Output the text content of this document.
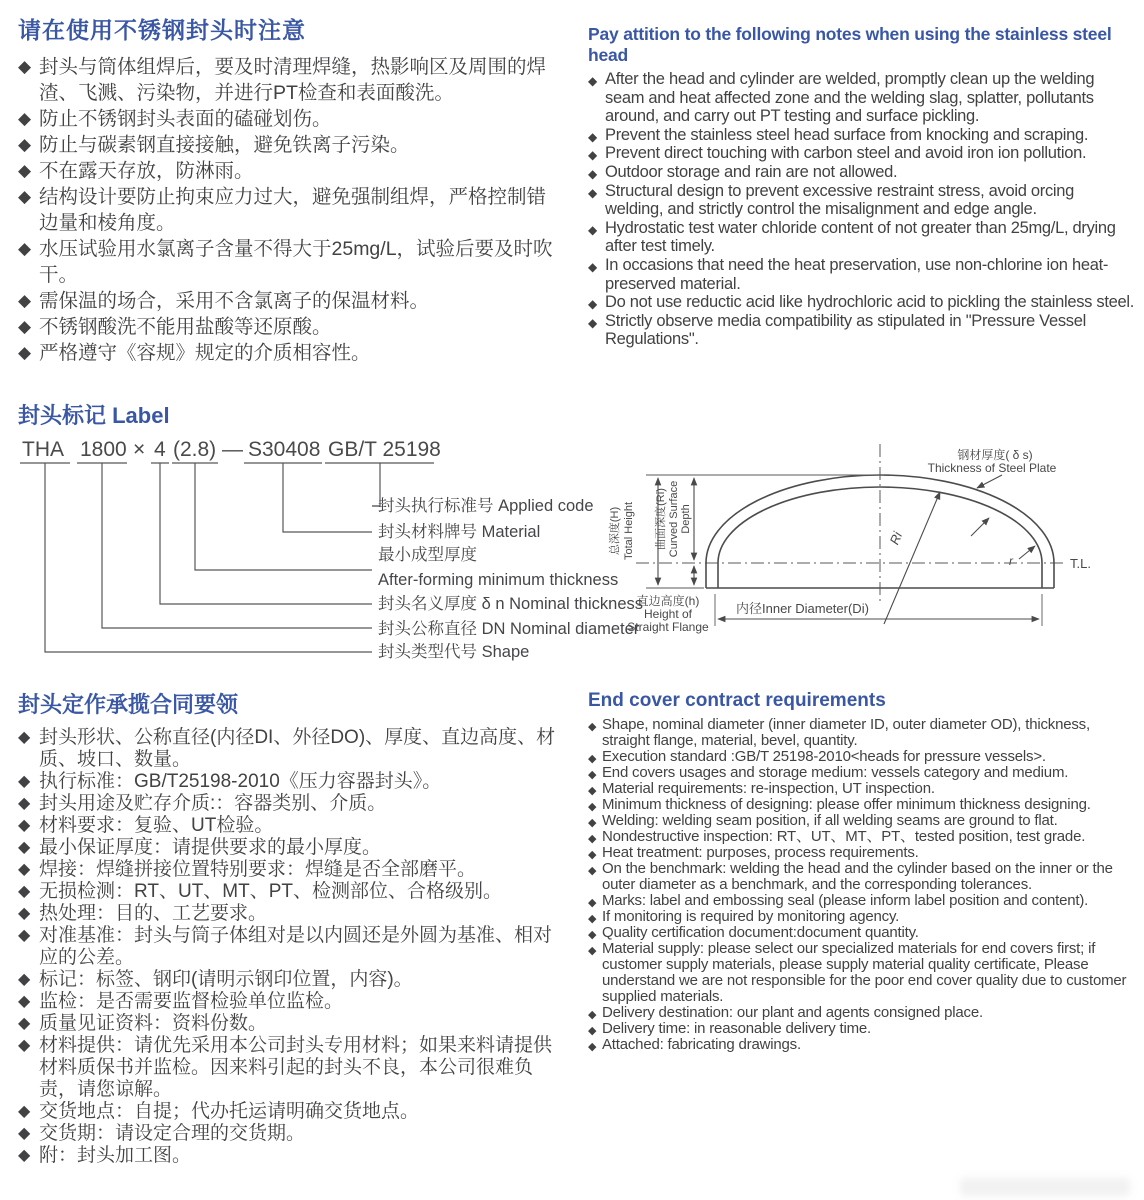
请在使用不锈钢封头时注意
◆ 封头与筒体组焊后，要及时清理焊缝，热影响区及周围的焊渣、飞溅、污染物，并进行PT检查和表面酸洗。
◆ 防止不锈钢封头表面的磕碰划伤。
◆ 防止与碳素钢直接接触，避免铁离子污染。
◆ 不在露天存放，防淋雨。
◆ 结构设计要防止拘束应力过大，避免强制组焊，严格控制错边量和棱角度。
◆ 水压试验用水氯离子含量不得大于25mg/L，试验后要及时吹干。
◆ 需保温的场合，采用不含氯离子的保温材料。
◆ 不锈钢酸洗不能用盐酸等还原酸。
◆ 严格遵守《容规》规定的介质相容性。
Pay attition to the following notes when using the stainless steel head
◆ After the head and cylinder are welded, promptly clean up the welding seam and heat affected zone and the welding slag, splatter, pollutants around, and carry out PT testing and surface pickling.
◆ Prevent the stainless steel head surface from knocking and scraping.
◆ Prevent direct touching with carbon steel and avoid iron ion pollution.
◆ Outdoor storage and rain are not allowed.
◆ Structural design to prevent excessive restraint stress, avoid orcing welding, and strictly control the misalignment and edge angle.
◆ Hydrostatic test water chloride content of not greater than 25mg/L, drying after test timely.
◆ In occasions that need the heat preservation, use non-chlorine ion heat-preserved material.
◆ Do not use reductic acid like hydrochloric acid to pickling the stainless steel.
◆ Strictly observe media compatibility as stipulated in "Pressure Vessel Regulations".
封头标记 Label
THA 1800 × 4 (2.8) — S30408 GB/T 25198
封头执行标准号 Applied code
封头材料牌号 Material
最小成型厚度
After-forming minimum thickness
封头名义厚度 δ n Nominal thickness
封头公称直径 DN Nominal diameter
封头类型代号 Shape
T.L.
总深度(H) Total Height 曲面深度(Ri) Curved Surface Depth
直边高度(h)
Height of
Straight Flange
内径Inner Diameter(Di)
Ri
r
钢材厚度( δ s)
Thickness of Steel Plate
封头定作承揽合同要领
◆ 封头形状、公称直径(内径DI、外径DO)、厚度、直边高度、材质、坡口、数量。
◆ 执行标准：GB/T25198-2010《压力容器封头》。
◆ 封头用途及贮存介质:：容器类别、介质。
◆ 材料要求：复验、UT检验。
◆ 最小保证厚度：请提供要求的最小厚度。
◆ 焊接：焊缝拼接位置特别要求：焊缝是否全部磨平。
◆ 无损检测：RT、UT、MT、PT、检测部位、合格级别。
◆ 热处理：目的、工艺要求。
◆ 对准基准：封头与筒子体组对是以内圆还是外圆为基准、相对应的公差。
◆ 标记：标签、钢印(请明示钢印位置，内容)。
◆ 监检：是否需要监督检验单位监检。
◆ 质量见证资料：资料份数。
◆ 材料提供：请优先采用本公司封头专用材料；如果来料请提供材料质保书并监检。因来料引起的封头不良，本公司很难负责，请您谅解。
◆ 交货地点：自提；代办托运请明确交货地点。
◆ 交货期：请设定合理的交货期。
◆ 附：封头加工图。
End cover contract requirements
◆ Shape, nominal diameter (inner diameter ID, outer diameter OD), thickness, straight flange, material, bevel, quantity.
◆ Execution standard :GB/T 25198-2010<heads for pressure vessels>.
◆ End covers usages and storage medium: vessels category and medium.
◆ Material requirements: re-inspection, UT inspection.
◆ Minimum thickness of designing: please offer minimum thickness designing.
◆ Welding: welding seam position, if all welding seams are ground to flat.
◆ Nondestructive inspection: RT、UT、MT、PT、tested position, test grade.
◆ Heat treatment: purposes, process requirements.
◆ On the benchmark: welding the head and the cylinder based on the inner or the outer diameter as a benchmark, and the corresponding tolerances.
◆ Marks: label and embossing seal (please inform label position and content).
◆ If monitoring is required by monitoring agency.
◆ Quality certification document:document quantity.
◆ Material supply: please select our specialized materials for end covers first; if customer supply materials, please supply material quality certificate, Please understand we are not responsible for the poor end cover quality due to customer supplied materials.
◆ Delivery destination: our plant and agents consigned place.
◆ Delivery time: in reasonable delivery time.
◆ Attached: fabricating drawings.
